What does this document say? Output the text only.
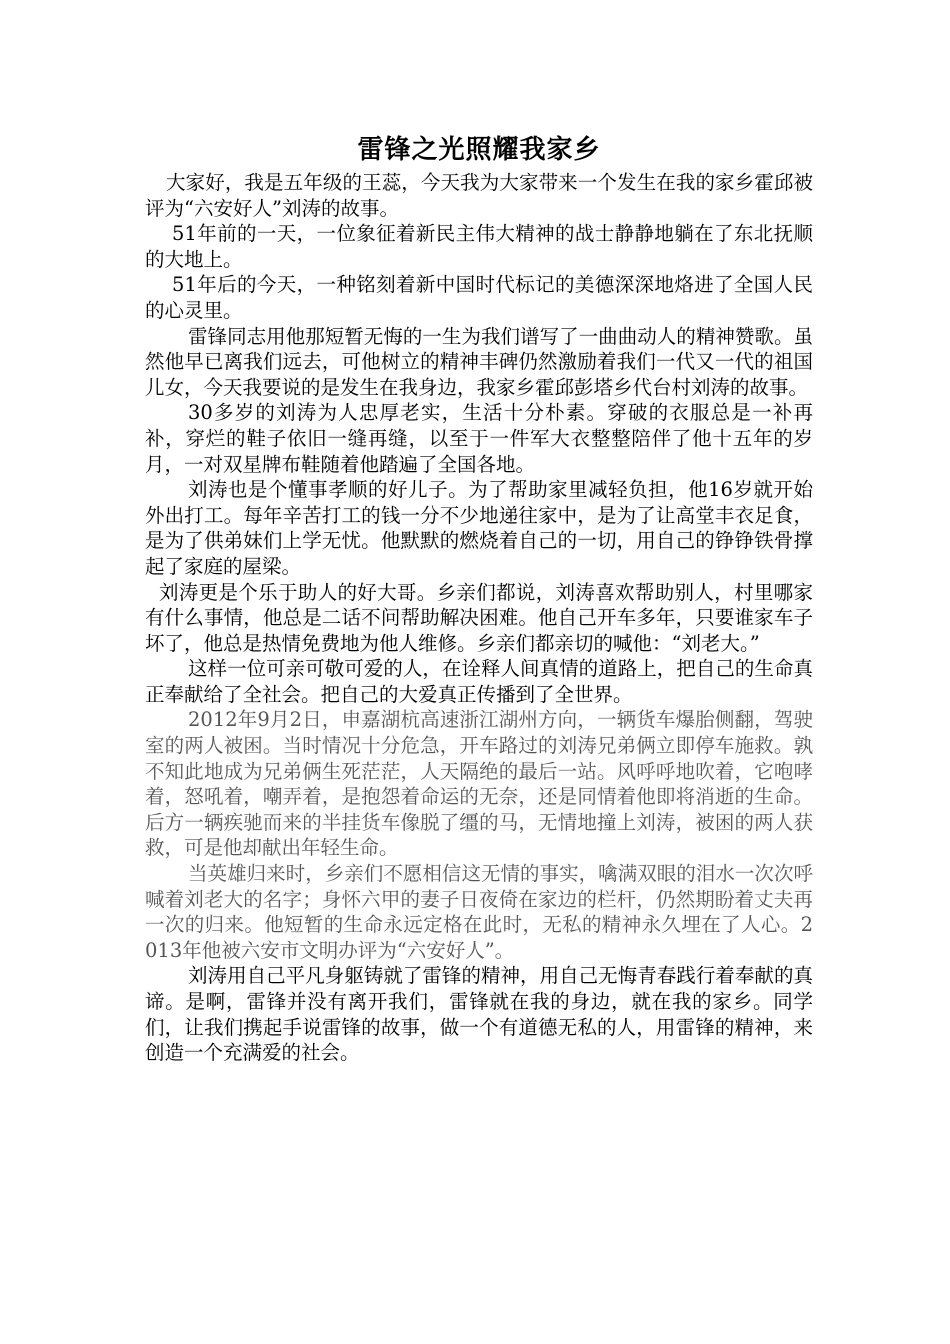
雷锋之光照耀我家乡

大家好，我是五年级的王蕊，今天我为大家带来一个发生在我的家乡霍邱被评为“六安好人”刘涛的故事。

51年前的一天，一位象征着新民主伟大精神的战士静静地躺在了东北抚顺的大地上。

51年后的今天，一种铭刻着新中国时代标记的美德深深地烙进了全国人民的心灵里。

雷锋同志用他那短暂无悔的一生为我们谱写了一曲曲动人的精神赞歌。虽然他早已离我们远去，可他树立的精神丰碑仍然激励着我们一代又一代的祖国儿女，今天我要说的是发生在我身边，我家乡霍邱彭塔乡代台村刘涛的故事。

30多岁的刘涛为人忠厚老实，生活十分朴素。穿破的衣服总是一补再补，穿烂的鞋子依旧一缝再缝，以至于一件军大衣整整陪伴了他十五年的岁月，一对双星牌布鞋随着他踏遍了全国各地。

刘涛也是个懂事孝顺的好儿子。为了帮助家里减轻负担，他16岁就开始外出打工。每年辛苦打工的钱一分不少地递往家中，是为了让高堂丰衣足食，是为了供弟妹们上学无忧。他默默的燃烧着自己的一切，用自己的铮铮铁骨撑起了家庭的屋梁。

刘涛更是个乐于助人的好大哥。乡亲们都说，刘涛喜欢帮助别人，村里哪家有什么事情，他总是二话不问帮助解决困难。他自己开车多年，只要谁家车子坏了，他总是热情免费地为他人维修。乡亲们都亲切的喊他：“刘老大。”

这样一位可亲可敬可爱的人，在诠释人间真情的道路上，把自己的生命真正奉献给了全社会。把自己的大爱真正传播到了全世界。

2012年9月2日，申嘉湖杭高速浙江湖州方向，一辆货车爆胎侧翻，驾驶室的两人被困。当时情况十分危急，开车路过的刘涛兄弟俩立即停车施救。孰不知此地成为兄弟俩生死茫茫，人天隔绝的最后一站。风呼呼地吹着，它咆哮着，怒吼着，嘲弄着，是抱怨着命运的无奈，还是同情着他即将消逝的生命。后方一辆疾驰而来的半挂货车像脱了缰的马，无情地撞上刘涛，被困的两人获救，可是他却献出年轻生命。

当英雄归来时，乡亲们不愿相信这无情的事实，噙满双眼的泪水一次次呼喊着刘老大的名字；身怀六甲的妻子日夜倚在家边的栏杆，仍然期盼着丈夫再一次的归来。他短暂的生命永远定格在此时，无私的精神永久埋在了人心。2013年他被六安市文明办评为“六安好人”。

刘涛用自己平凡身躯铸就了雷锋的精神，用自己无悔青春践行着奉献的真谛。是啊，雷锋并没有离开我们，雷锋就在我的身边，就在我的家乡。同学们，让我们携起手说雷锋的故事，做一个有道德无私的人，用雷锋的精神，来创造一个充满爱的社会。
